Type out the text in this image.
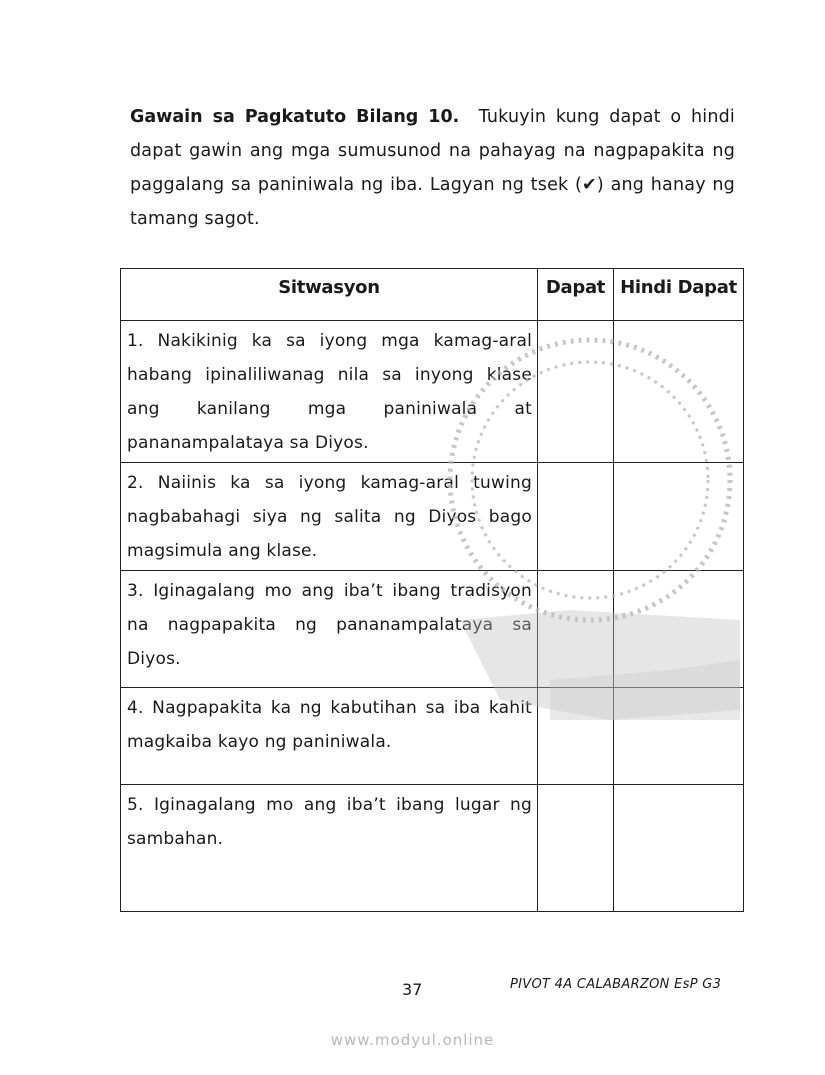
Gawain sa Pagkatuto Bilang 10. Tukuyin kung dapat o hindi dapat gawin ang mga sumusunod na pahayag na nagpapakita ng paggalang sa paniniwala ng iba. Lagyan ng tsek (✔) ang hanay ng tamang sagot.
Sitwasyon	Dapat	Hindi Dapat
1. Nakikinig ka sa iyong mga kamag-aral habang ipinaliliwanag nila sa inyong klase ang kanilang mga paniniwala at pananampalataya sa Diyos.		
2. Naiinis ka sa iyong kamag-aral tuwing nagbabahagi siya ng salita ng Diyos bago magsimula ang klase.		
3. Iginagalang mo ang iba’t ibang tradisyon na nagpapakita ng pananampalataya sa Diyos.		
4. Nagpapakita ka ng kabutihan sa iba kahit magkaiba kayo ng paniniwala.		
5. Iginagalang mo ang iba’t ibang lugar ng sambahan.		
37	PIVOT 4A CALABARZON EsP G3
www.modyul.online
